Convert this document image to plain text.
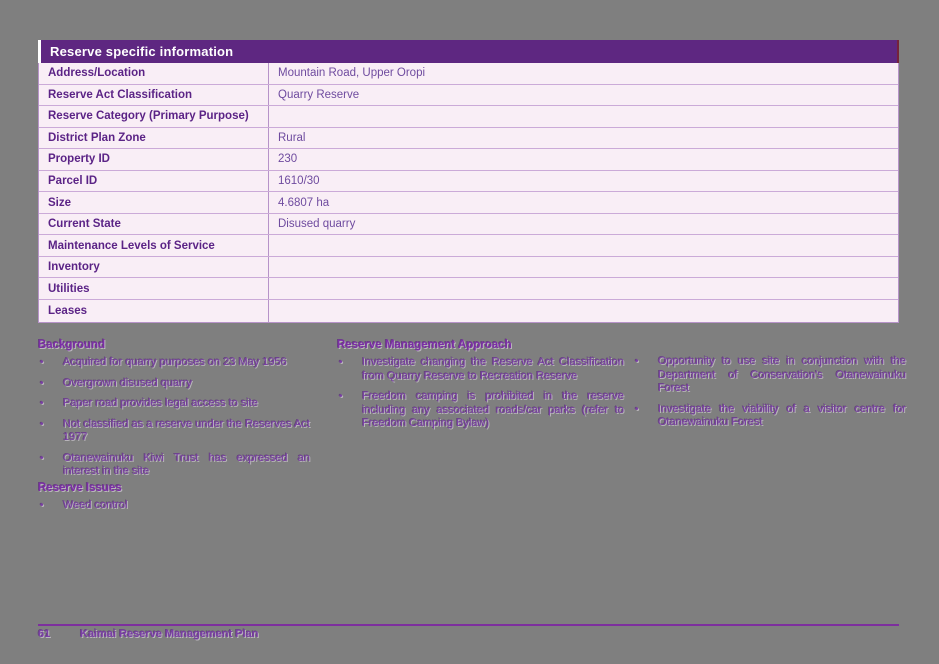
Reserve specific information
Address/Location	Mountain Road, Upper Oropi
Reserve Act Classification	Quarry Reserve
Reserve Category (Primary Purpose)
District Plan Zone	Rural
Property ID	230
Parcel ID	1610/30
Size	4.6807 ha
Current State	Disused quarry
Maintenance Levels of Service
Inventory
Utilities
Leases
Background
•	Acquired for quarry purposes on 23 May 1956
•	Overgrown disused quarry
•	Paper road provides legal access to site
•	Not classified as a reserve under the Reserves Act 1977
•	Otanewainuku Kiwi Trust has expressed an interest in the site
Reserve Management Approach
•	Investigate changing the Reserve Act Classification from Quarry Reserve to Recreation Reserve
•	Freedom camping is prohibited in the reserve including any associated roads/car parks (refer to Freedom Camping Bylaw)
•	Opportunity to use site in conjunction with the Department of Conservation's Otanewainuku Forest
•	Investigate the viability of a visitor centre for Otanewainuku Forest
Reserve Issues
•	Weed control
61	Kaimai Reserve Management Plan
